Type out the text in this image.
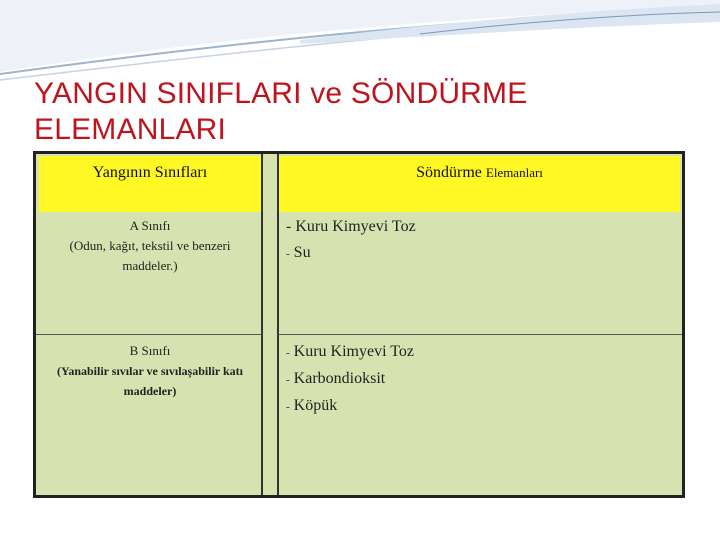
YANGIN SINIFLARI ve SÖNDÜRME ELEMANLARI
Yangının Sınıfları	Söndürme Elemanları
A Sınıfı
(Odun, kağıt, tekstil ve benzeri maddeler.)
- Kuru Kimyevi Toz
- Su
B Sınıfı
(Yanabilir sıvılar ve sıvılaşabilir katı maddeler)
- Kuru Kimyevi Toz
- Karbondioksit
- Köpük
